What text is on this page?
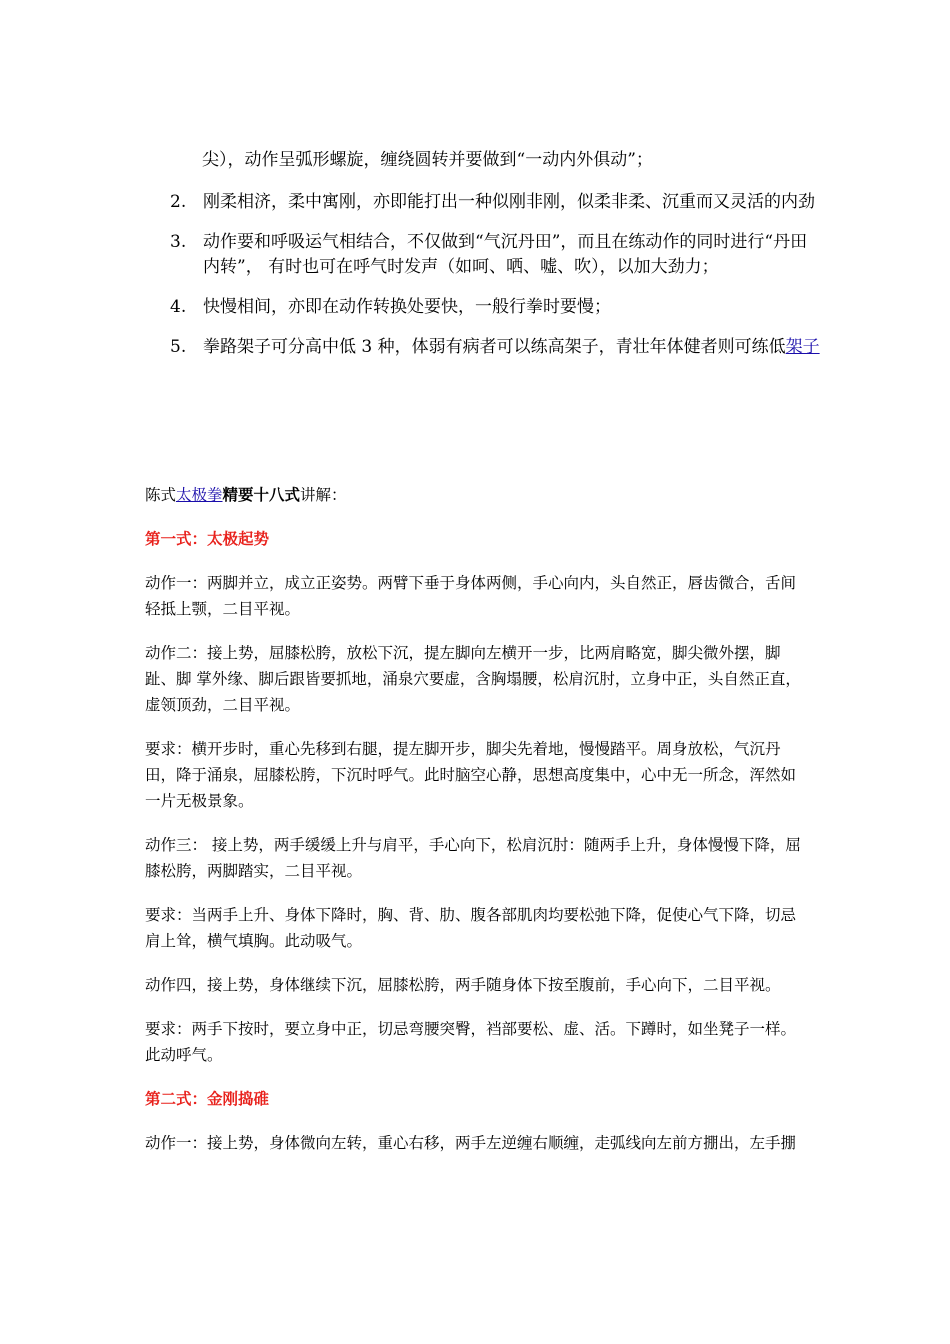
尖），动作呈弧形螺旋，缠绕圆转并要做到“一动内外俱动”；
2. 刚柔相济，柔中寓刚，亦即能打出一种似刚非刚，似柔非柔、沉重而又灵活的内劲
3. 动作要和呼吸运气相结合，不仅做到“气沉丹田”，而且在练动作的同时进行“丹田内转”， 有时也可在呼气时发声（如呵、哂、嘘、吹），以加大劲力；
4. 快慢相间，亦即在动作转换处要快，一般行拳时要慢；
5. 拳路架子可分高中低 3 种，体弱有病者可以练高架子，青壮年体健者则可练低架子

陈式太极拳精要十八式讲解：

第一式：太极起势

动作一：两脚并立，成立正姿势。两臂下垂于身体两侧，手心向内，头自然正，唇齿微合，舌间轻抵上颚，二目平视。

动作二：接上势，屈膝松胯，放松下沉，提左脚向左横开一步，比两肩略宽，脚尖微外摆，脚趾、脚 掌外缘、脚后跟皆要抓地，涌泉穴要虚，含胸塌腰，松肩沉肘，立身中正，头自然正直，虚领顶劲，二目平视。

要求：横开步时，重心先移到右腿，提左脚开步，脚尖先着地，慢慢踏平。周身放松，气沉丹田，降于涌泉，屈膝松胯，下沉时呼气。此时脑空心静，思想高度集中，心中无一所念，浑然如一片无极景象。

动作三： 接上势，两手缓缓上升与肩平，手心向下，松肩沉肘：随两手上升，身体慢慢下降，屈膝松胯，两脚踏实，二目平视。

要求：当两手上升、身体下降时，胸、背、肋、腹各部肌肉均要松弛下降，促使心气下降，切忌肩上耸，横气填胸。此动吸气。

动作四，接上势，身体继续下沉，屈膝松胯，两手随身体下按至腹前，手心向下，二目平视。

要求：两手下按时，要立身中正，切忌弯腰突臀，裆部要松、虚、活。下蹲时，如坐凳子一样。此动呼气。

第二式：金刚捣碓

动作一：接上势，身体微向左转，重心右移，两手左逆缠右顺缠，走弧线向左前方掤出，左手掤
